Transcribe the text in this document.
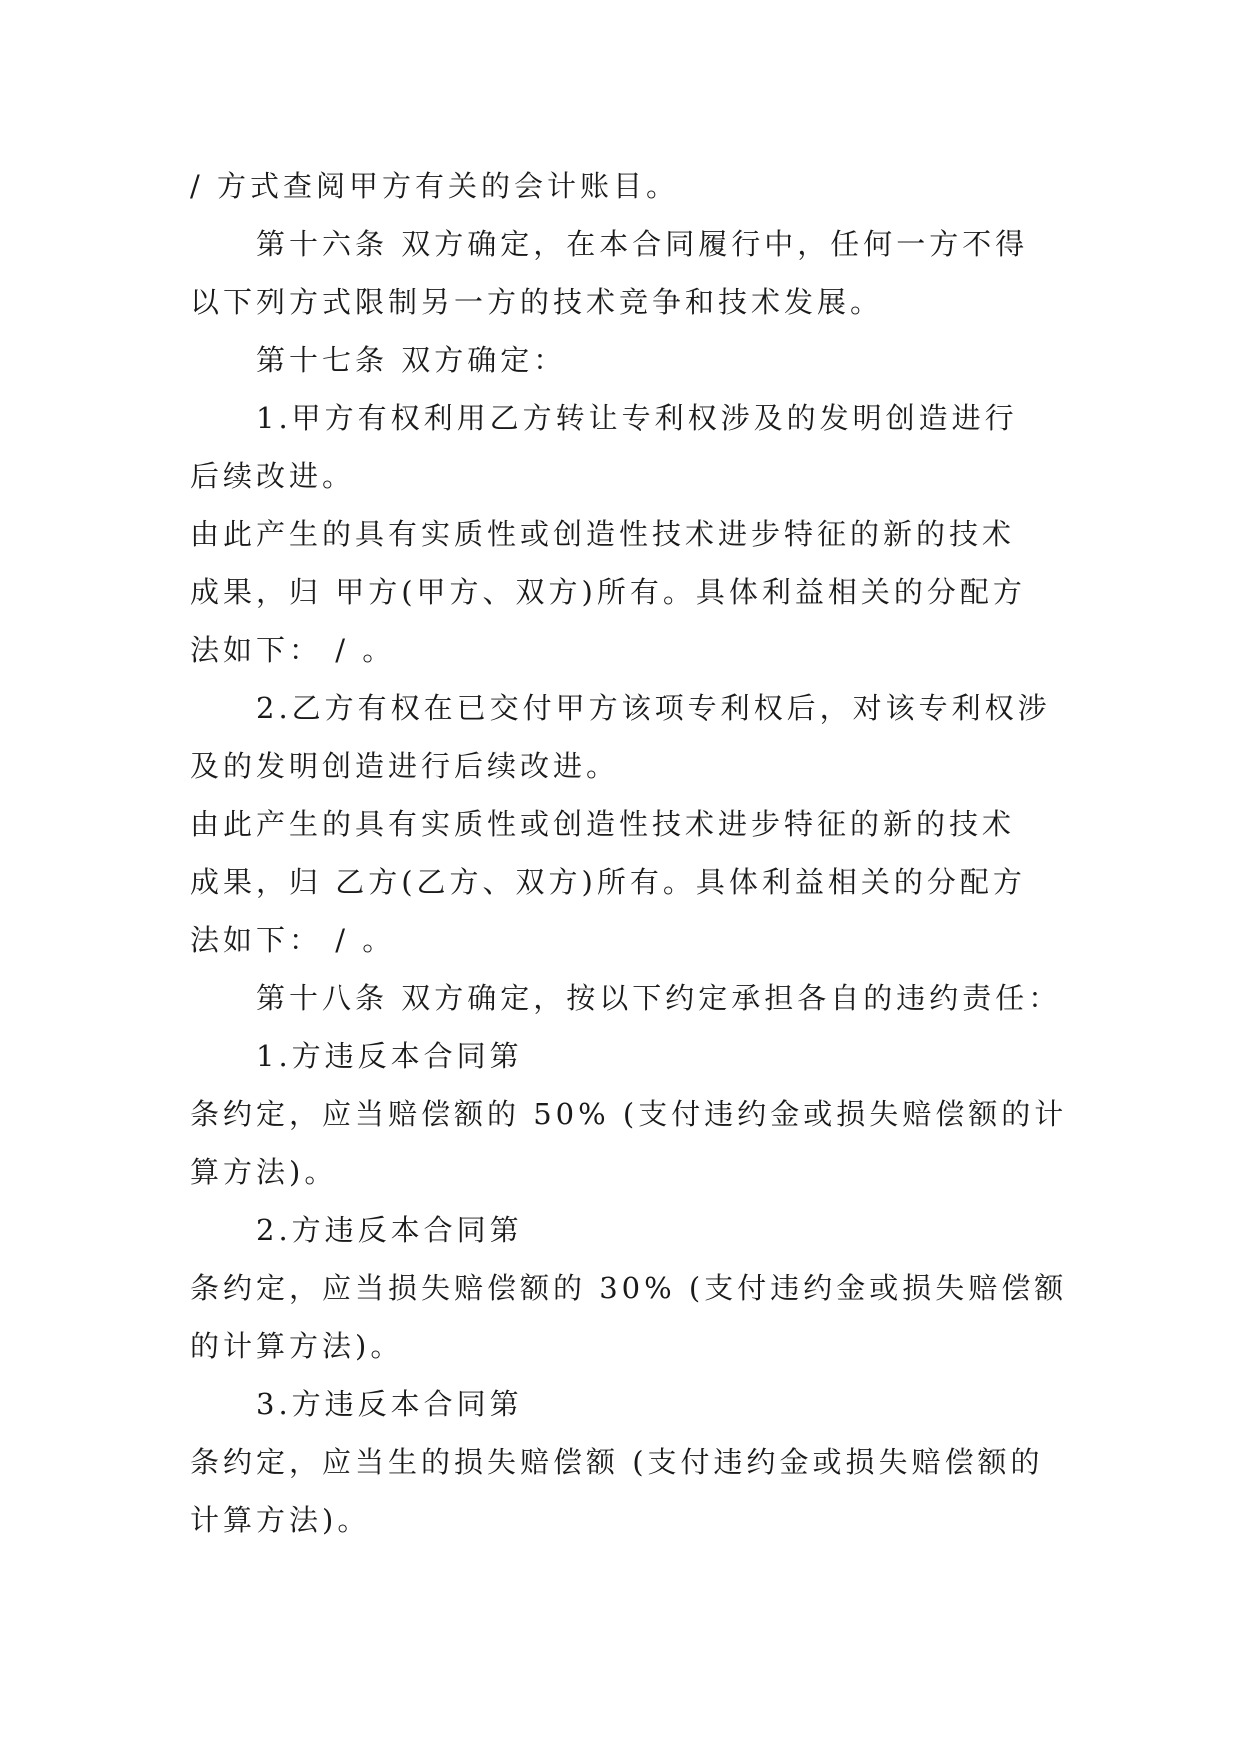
/ 方式查阅甲方有关的会计账目。
第十六条 双方确定，在本合同履行中，任何一方不得
以下列方式限制另一方的技术竞争和技术发展。
第十七条 双方确定：
1.甲方有权利用乙方转让专利权涉及的发明创造进行
后续改进。
由此产生的具有实质性或创造性技术进步特征的新的技术
成果，归 甲方(甲方、双方)所有。具体利益相关的分配方
法如下： / 。
2.乙方有权在已交付甲方该项专利权后，对该专利权涉
及的发明创造进行后续改进。
由此产生的具有实质性或创造性技术进步特征的新的技术
成果，归 乙方(乙方、双方)所有。具体利益相关的分配方
法如下： / 。
第十八条 双方确定，按以下约定承担各自的违约责任：
1.方违反本合同第
条约定，应当赔偿额的 50% (支付违约金或损失赔偿额的计
算方法)。
2.方违反本合同第
条约定，应当损失赔偿额的 30% (支付违约金或损失赔偿额
的计算方法)。
3.方违反本合同第
条约定，应当生的损失赔偿额 (支付违约金或损失赔偿额的
计算方法)。
